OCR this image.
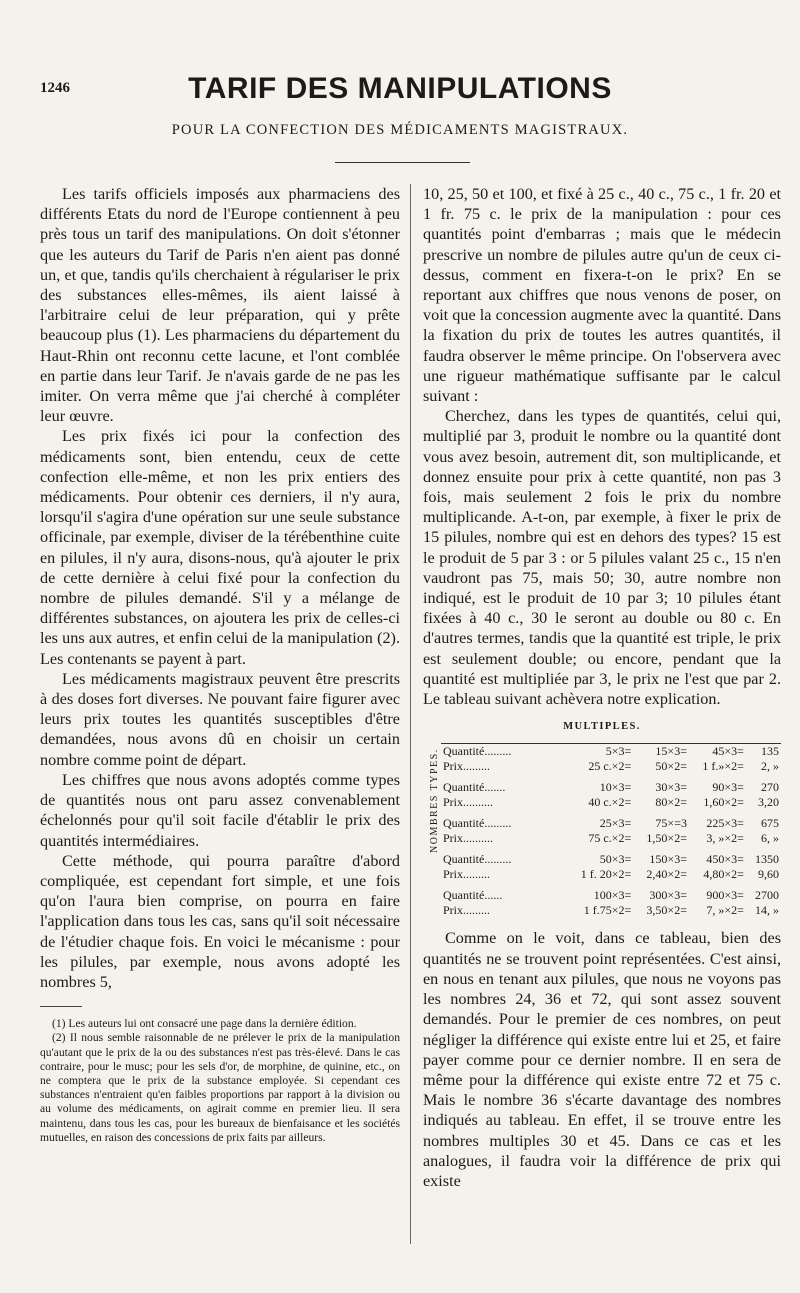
1246	TARIF DES MANIPULATIONS
POUR LA CONFECTION DES MÉDICAMENTS MAGISTRAUX.

Les tarifs officiels imposés aux pharmaciens des différents Etats du nord de l'Europe contiennent à peu près tous un tarif des manipulations. On doit s'étonner que les auteurs du Tarif de Paris n'en aient pas donné un, et que, tandis qu'ils cherchaient à régulariser le prix des substances elles-mêmes, ils aient laissé à l'arbitraire celui de leur préparation, qui y prête beaucoup plus (1). Les pharmaciens du département du Haut-Rhin ont reconnu cette lacune, et l'ont comblée en partie dans leur Tarif. Je n'avais garde de ne pas les imiter. On verra même que j'ai cherché à compléter leur œuvre.

Les prix fixés ici pour la confection des médicaments sont, bien entendu, ceux de cette confection elle-même, et non les prix entiers des médicaments. Pour obtenir ces derniers, il n'y aura, lorsqu'il s'agira d'une opération sur une seule substance officinale, par exemple, diviser de la térébenthine cuite en pilules, il n'y aura, disons-nous, qu'à ajouter le prix de cette dernière à celui fixé pour la confection du nombre de pilules demandé. S'il y a mélange de différentes substances, on ajoutera les prix de celles-ci les uns aux autres, et enfin celui de la manipulation (2). Les contenants se payent à part.

Les médicaments magistraux peuvent être prescrits à des doses fort diverses. Ne pouvant faire figurer avec leurs prix toutes les quantités susceptibles d'être demandées, nous avons dû en choisir un certain nombre comme point de départ.

Les chiffres que nous avons adoptés comme types de quantités nous ont paru assez convenablement échelonnés pour qu'il soit facile d'établir le prix des quantités intermédiaires.

Cette méthode, qui pourra paraître d'abord compliquée, est cependant fort simple, et une fois qu'on l'aura bien comprise, on pourra en faire l'application dans tous les cas, sans qu'il soit nécessaire de l'étudier chaque fois. En voici le mécanisme : pour les pilules, par exemple, nous avons adopté les nombres 5,

(1) Les auteurs lui ont consacré une page dans la dernière édition.

(2) Il nous semble raisonnable de ne prélever le prix de la manipulation qu'autant que le prix de la ou des substances n'est pas très-élevé. Dans le cas contraire, pour le musc; pour les sels d'or, de morphine, de quinine, etc., on ne comptera que le prix de la substance employée. Si cependant ces substances n'entraient qu'en faibles proportions par rapport à la division ou au volume des médicaments, on agirait comme en premier lieu. Il sera maintenu, dans tous les cas, pour les bureaux de bienfaisance et les sociétés mutuelles, en raison des concessions de prix faits par ailleurs.

10, 25, 50 et 100, et fixé à 25 c., 40 c., 75 c., 1 fr. 20 et 1 fr. 75 c. le prix de la manipulation : pour ces quantités point d'embarras ; mais que le médecin prescrive un nombre de pilules autre qu'un de ceux ci-dessus, comment en fixera-t-on le prix? En se reportant aux chiffres que nous venons de poser, on voit que la concession augmente avec la quantité. Dans la fixation du prix de toutes les autres quantités, il faudra observer le même principe. On l'observera avec une rigueur mathématique suffisante par le calcul suivant :

Cherchez, dans les types de quantités, celui qui, multiplié par 3, produit le nombre ou la quantité dont vous avez besoin, autrement dit, son multiplicande, et donnez ensuite pour prix à cette quantité, non pas 3 fois, mais seulement 2 fois le prix du nombre multiplicande. A-t-on, par exemple, à fixer le prix de 15 pilules, nombre qui est en dehors des types? 15 est le produit de 5 par 3 : or 5 pilules valant 25 c., 15 n'en vaudront pas 75, mais 50; 30, autre nombre non indiqué, est le produit de 10 par 3; 10 pilules étant fixées à 40 c., 30 le seront au double ou 80 c. En d'autres termes, tandis que la quantité est triple, le prix est seulement double; ou encore, pendant que la quantité est multipliée par 3, le prix ne l'est que par 2. Le tableau suivant achèvera notre explication.

MULTIPLES.
NOMBRES TYPES. Quantité.........	5×3=	15×3=	45×3=	135
Prix.........	25 c.×2=	50×2=	1 f.»×2=	2, »
Quantité.......	10×3=	30×3=	90×3=	270
Prix..........	40 c.×2=	80×2=	1,60×2=	3,20
Quantité.........	25×3=	75×=3	225×3=	675
Prix..........	75 c.×2=	1,50×2=	3, »×2=	6, »
Quantité.........	50×3=	150×3=	450×3=	1350
Prix.........	1 f. 20×2=	2,40×2=	4,80×2=	9,60
Quantité......	100×3=	300×3=	900×3=	2700
Prix.........	1 f.75×2=	3,50×2=	7, »×2=	14, »

Comme on le voit, dans ce tableau, bien des quantités ne se trouvent point représentées. C'est ainsi, en nous en tenant aux pilules, que nous ne voyons pas les nombres 24, 36 et 72, qui sont assez souvent demandés. Pour le premier de ces nombres, on peut négliger la différence qui existe entre lui et 25, et faire payer comme pour ce dernier nombre. Il en sera de même pour la différence qui existe entre 72 et 75 c. Mais le nombre 36 s'écarte davantage des nombres indiqués au tableau. En effet, il se trouve entre les nombres multiples 30 et 45. Dans ce cas et les analogues, il faudra voir la différence de prix qui existe
